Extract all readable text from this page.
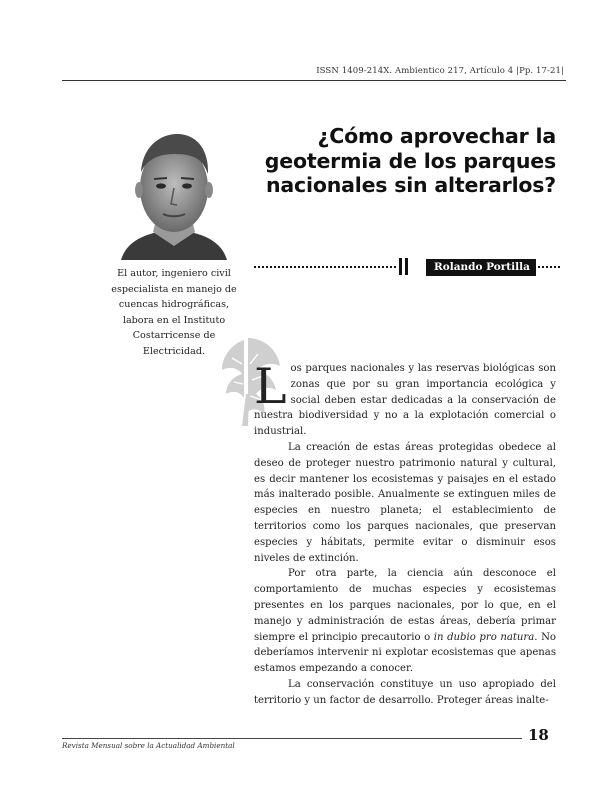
ISSN 1409-214X. Ambientico 217, Artículo 4 |Pp. 17-21|
El autor, ingeniero civil especialista en manejo de cuencas hidrográficas, labora en el Instituto Costarricense de Electricidad.
¿Cómo aprovechar la geotermia de los parques nacionales sin alterarlos?
Rolando Portilla

Los parques nacionales y las reservas biológicas son zonas que por su gran importancia ecológica y social deben estar dedicadas a la conservación de nuestra biodiversidad y no a la explotación comercial o industrial.

La creación de estas áreas protegidas obedece al deseo de proteger nuestro patrimonio natural y cultural, es decir mantener los ecosistemas y paisajes en el estado más inalterado posible. Anualmente se extinguen miles de especies en nuestro planeta; el establecimiento de territorios como los parques nacionales, que preservan especies y hábitats, permite evitar o disminuir esos niveles de extinción.

Por otra parte, la ciencia aún desconoce el comportamiento de muchas especies y ecosistemas presentes en los parques nacionales, por lo que, en el manejo y administración de estas áreas, debería primar siempre el principio precautorio o in dubio pro natura. No deberíamos intervenir ni explotar ecosistemas que apenas estamos empezando a conocer.

La conservación constituye un uso apropiado del territorio y un factor de desarrollo. Proteger áreas inalte-

Revista Mensual sobre la Actualidad Ambiental
18
